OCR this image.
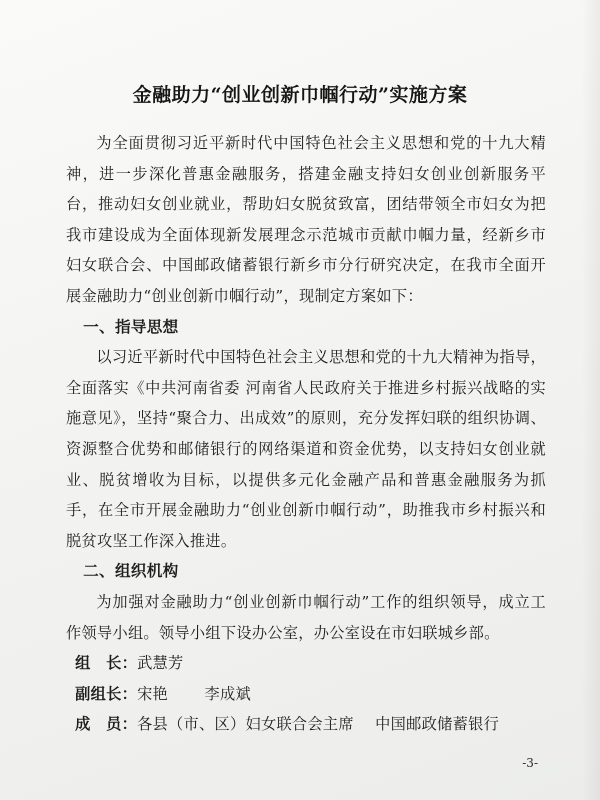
金融助力“创业创新巾帼行动”实施方案

为全面贯彻习近平新时代中国特色社会主义思想和党的十九大精神，进一步深化普惠金融服务，搭建金融支持妇女创业创新服务平台，推动妇女创业就业，帮助妇女脱贫致富，团结带领全市妇女为把我市建设成为全面体现新发展理念示范城市贡献巾帼力量，经新乡市妇女联合会、中国邮政储蓄银行新乡市分行研究决定，在我市全面开展金融助力“创业创新巾帼行动”，现制定方案如下：

一、指导思想

以习近平新时代中国特色社会主义思想和党的十九大精神为指导，全面落实《中共河南省委 河南省人民政府关于推进乡村振兴战略的实施意见》，坚持“聚合力、出成效”的原则，充分发挥妇联的组织协调、资源整合优势和邮储银行的网络渠道和资金优势，以支持妇女创业就业、脱贫增收为目标，以提供多元化金融产品和普惠金融服务为抓手，在全市开展金融助力“创业创新巾帼行动”，助推我市乡村振兴和脱贫攻坚工作深入推进。

二、组织机构

为加强对金融助力“创业创新巾帼行动”工作的组织领导，成立工作领导小组。领导小组下设办公室，办公室设在市妇联城乡部。

组　长：武慧芳

副组长：宋艳 李成斌

成　员：各县（市、区）妇女联合会主席 中国邮政储蓄银行

-3-
